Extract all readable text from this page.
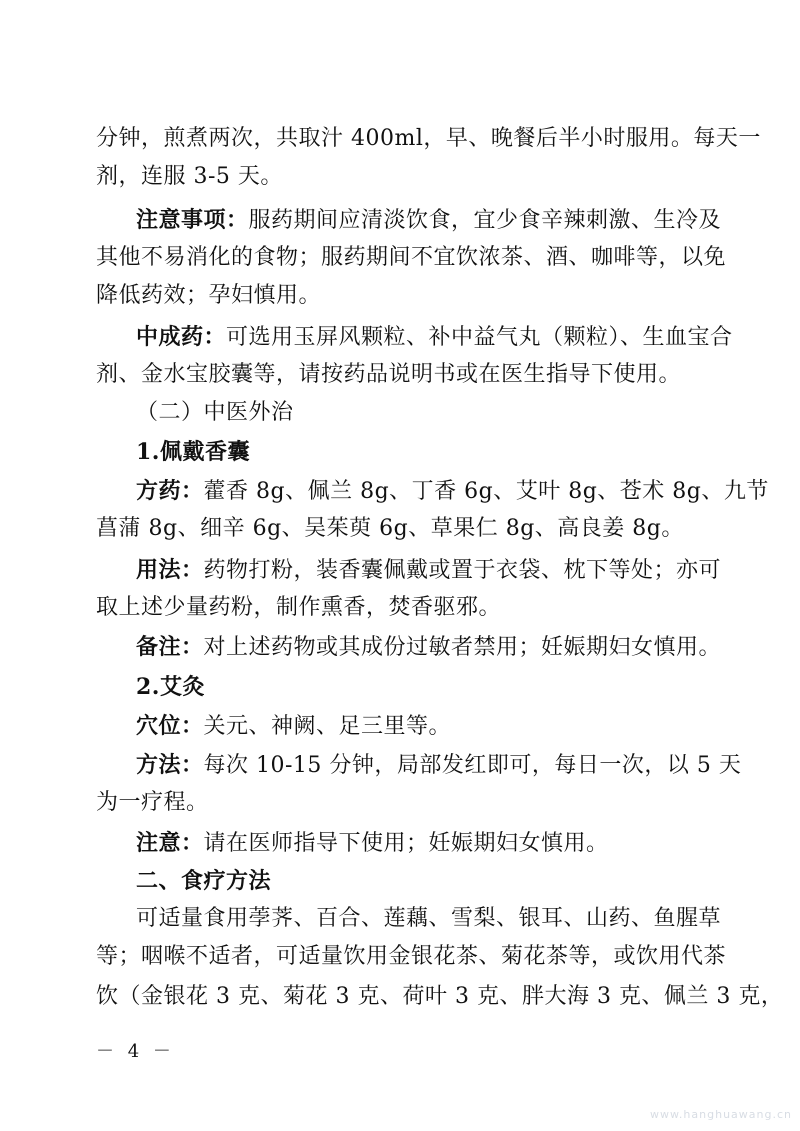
分钟，煎煮两次，共取汁 400ml，早、晚餐后半小时服用。每天一
剂，连服 3-5 天。
注意事项：服药期间应清淡饮食，宜少食辛辣刺激、生冷及
其他不易消化的食物；服药期间不宜饮浓茶、酒、咖啡等，以免
降低药效；孕妇慎用。
中成药：可选用玉屏风颗粒、补中益气丸（颗粒）、生血宝合
剂、金水宝胶囊等，请按药品说明书或在医生指导下使用。
（二）中医外治
1.佩戴香囊
方药：藿香 8g、佩兰 8g、丁香 6g、艾叶 8g、苍术 8g、九节
菖蒲 8g、细辛 6g、吴茱萸 6g、草果仁 8g、高良姜 8g。
用法：药物打粉，装香囊佩戴或置于衣袋、枕下等处；亦可
取上述少量药粉，制作熏香，焚香驱邪。
备注：对上述药物或其成份过敏者禁用；妊娠期妇女慎用。
2.艾灸
穴位：关元、神阙、足三里等。
方法：每次 10-15 分钟，局部发红即可，每日一次，以 5 天
为一疗程。
注意：请在医师指导下使用；妊娠期妇女慎用。
二、食疗方法
可适量食用荸荠、百合、莲藕、雪梨、银耳、山药、鱼腥草
等；咽喉不适者，可适量饮用金银花茶、菊花茶等，或饮用代茶
饮（金银花 3 克、菊花 3 克、荷叶 3 克、胖大海 3 克、佩兰 3 克，
－ 4 －
www.hanghuawang.cn
